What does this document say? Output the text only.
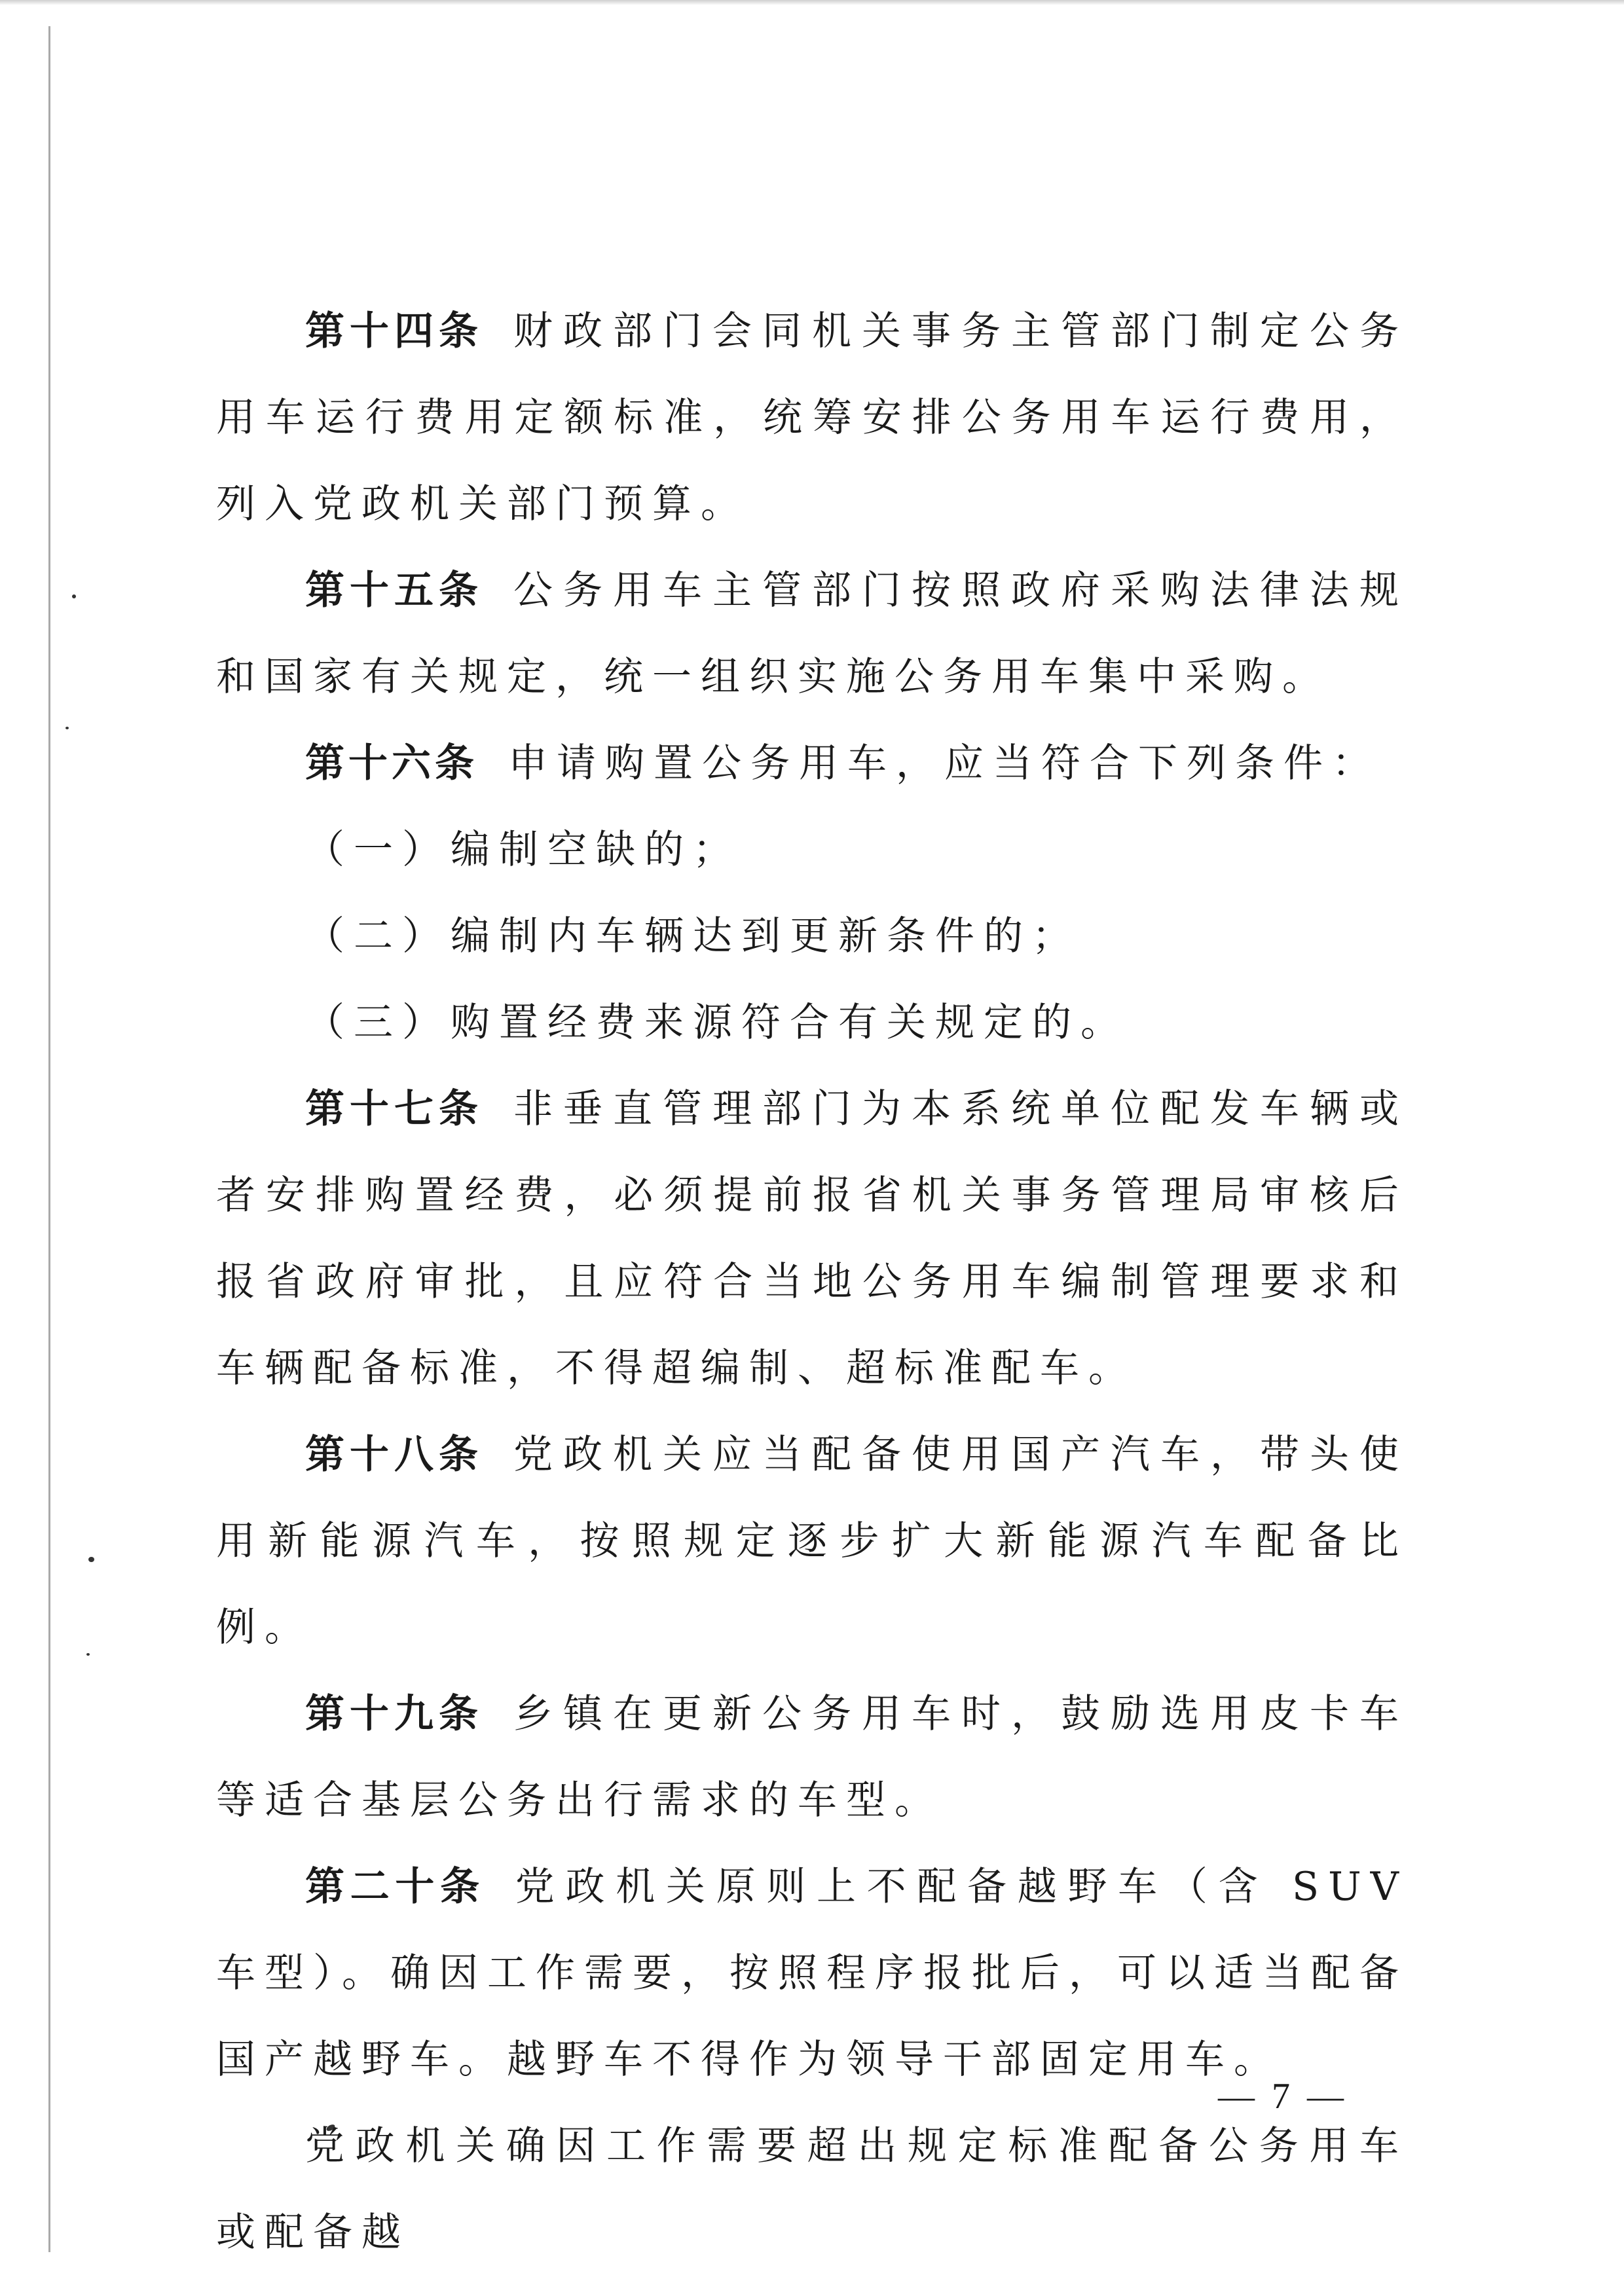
第十四条 财政部门会同机关事务主管部门制定公务用车运行费用定额标准，统筹安排公务用车运行费用，列入党政机关部门预算。

第十五条 公务用车主管部门按照政府采购法律法规和国家有关规定，统一组织实施公务用车集中采购。

第十六条 申请购置公务用车，应当符合下列条件：

（一）编制空缺的；

（二）编制内车辆达到更新条件的；

（三）购置经费来源符合有关规定的。

第十七条 非垂直管理部门为本系统单位配发车辆或者安排购置经费，必须提前报省机关事务管理局审核后报省政府审批，且应符合当地公务用车编制管理要求和车辆配备标准，不得超编制、超标准配车。

第十八条 党政机关应当配备使用国产汽车，带头使用新能源汽车，按照规定逐步扩大新能源汽车配备比例。

第十九条 乡镇在更新公务用车时，鼓励选用皮卡车等适合基层公务出行需求的车型。

第二十条 党政机关原则上不配备越野车（含 SUV 车型）。确因工作需要，按照程序报批后，可以适当配备国产越野车。越野车不得作为领导干部固定用车。

党政机关确因工作需要超出规定标准配备公务用车或配备越

— 7 —
